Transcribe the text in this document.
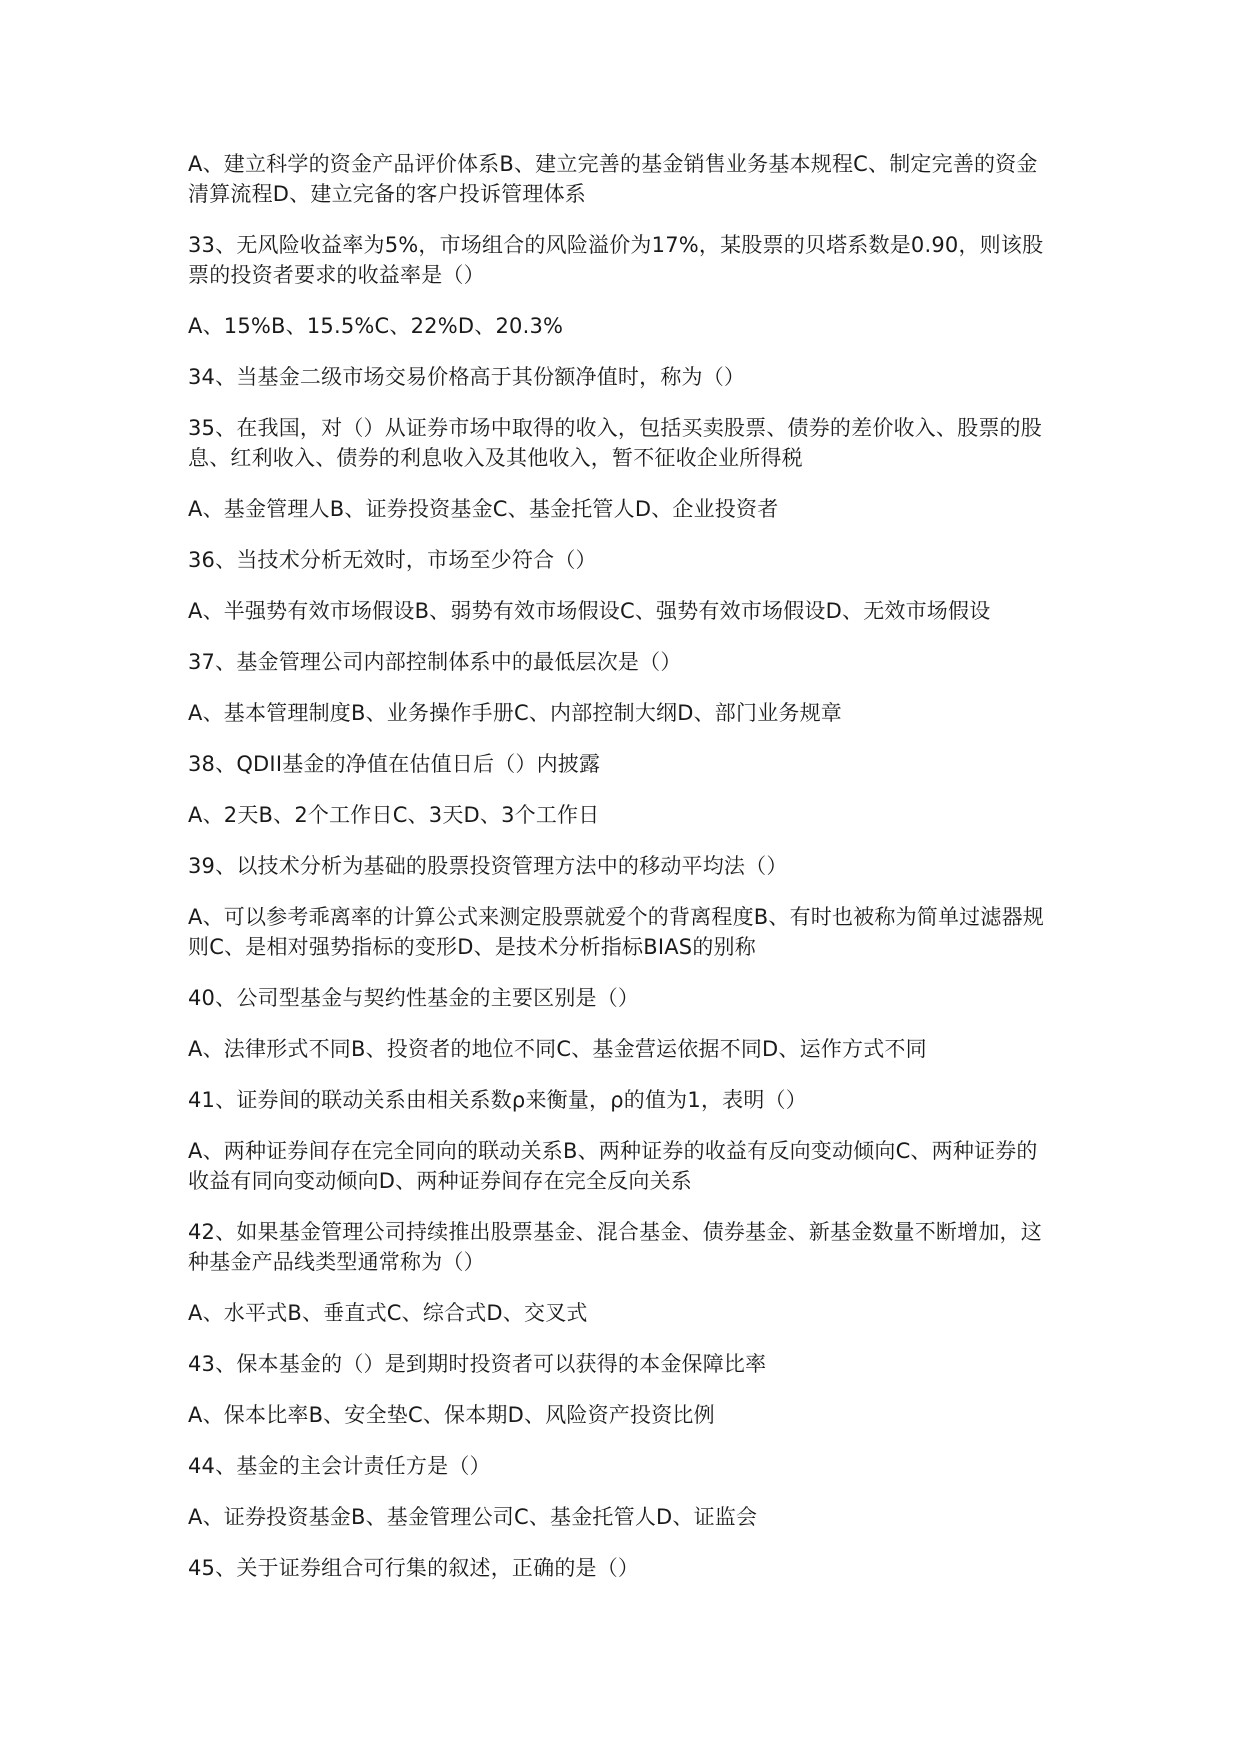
A、建立科学的资金产品评价体系B、建立完善的基金销售业务基本规程C、制定完善的资金清算流程D、建立完备的客户投诉管理体系

33、无风险收益率为5%，市场组合的风险溢价为17%，某股票的贝塔系数是0.90，则该股票的投资者要求的收益率是（）

A、15%B、15.5%C、22%D、20.3%

34、当基金二级市场交易价格高于其份额净值时，称为（）

35、在我国，对（）从证券市场中取得的收入，包括买卖股票、债券的差价收入、股票的股息、红利收入、债券的利息收入及其他收入，暂不征收企业所得税

A、基金管理人B、证券投资基金C、基金托管人D、企业投资者

36、当技术分析无效时，市场至少符合（）

A、半强势有效市场假设B、弱势有效市场假设C、强势有效市场假设D、无效市场假设

37、基金管理公司内部控制体系中的最低层次是（）

A、基本管理制度B、业务操作手册C、内部控制大纲D、部门业务规章

38、QDII基金的净值在估值日后（）内披露

A、2天B、2个工作日C、3天D、3个工作日

39、以技术分析为基础的股票投资管理方法中的移动平均法（）

A、可以参考乖离率的计算公式来测定股票就爱个的背离程度B、有时也被称为简单过滤器规则C、是相对强势指标的变形D、是技术分析指标BIAS的别称

40、公司型基金与契约性基金的主要区别是（）

A、法律形式不同B、投资者的地位不同C、基金营运依据不同D、运作方式不同

41、证券间的联动关系由相关系数ρ来衡量，ρ的值为1，表明（）

A、两种证券间存在完全同向的联动关系B、两种证券的收益有反向变动倾向C、两种证券的收益有同向变动倾向D、两种证券间存在完全反向关系

42、如果基金管理公司持续推出股票基金、混合基金、债券基金、新基金数量不断增加，这种基金产品线类型通常称为（）

A、水平式B、垂直式C、综合式D、交叉式

43、保本基金的（）是到期时投资者可以获得的本金保障比率

A、保本比率B、安全垫C、保本期D、风险资产投资比例

44、基金的主会计责任方是（）

A、证券投资基金B、基金管理公司C、基金托管人D、证监会

45、关于证券组合可行集的叙述，正确的是（）
